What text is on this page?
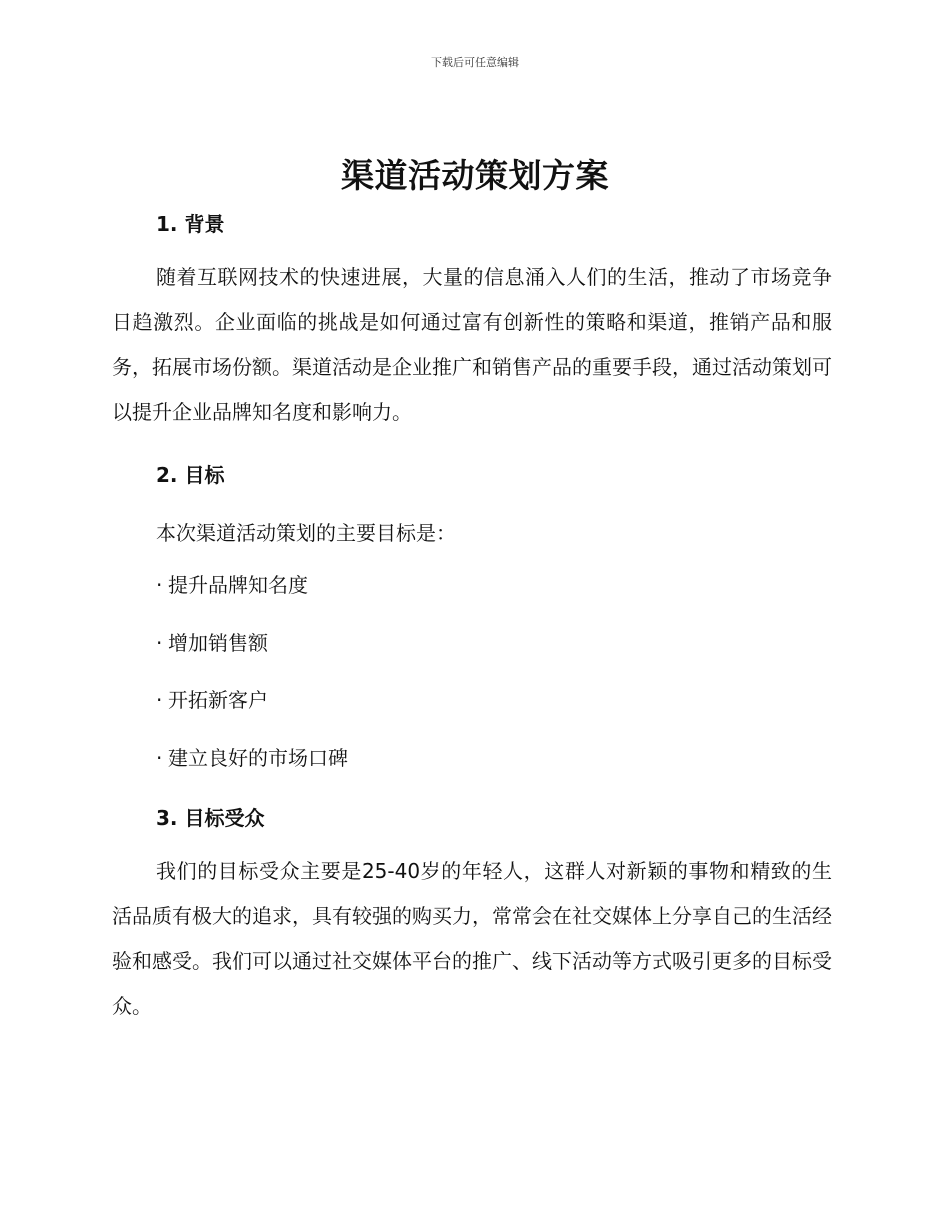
下载后可任意编辑
渠道活动策划方案
1. 背景

随着互联网技术的快速进展，大量的信息涌入人们的生活，推动了市场竞争日趋激烈。企业面临的挑战是如何通过富有创新性的策略和渠道，推销产品和服务，拓展市场份额。渠道活动是企业推广和销售产品的重要手段，通过活动策划可以提升企业品牌知名度和影响力。

2. 目标

本次渠道活动策划的主要目标是：

· 提升品牌知名度
· 增加销售额
· 开拓新客户
· 建立良好的市场口碑
3. 目标受众

我们的目标受众主要是25-40岁的年轻人，这群人对新颖的事物和精致的生活品质有极大的追求，具有较强的购买力，常常会在社交媒体上分享自己的生活经验和感受。我们可以通过社交媒体平台的推广、线下活动等方式吸引更多的目标受众。
